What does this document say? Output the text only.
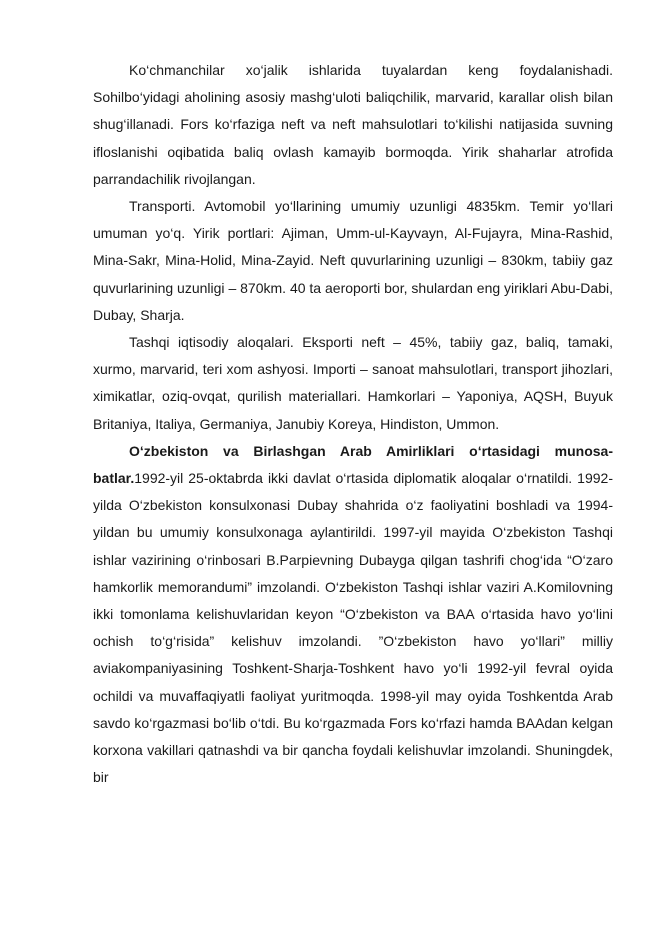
Ko‘chmanchilar xo‘jalik ishlarida tuyalardan keng foydalanishadi. Sohilbo‘yidagi aholining asosiy mashg‘uloti baliqchilik, marvarid, karallar olish bilan shug‘illanadi. Fors ko‘rfaziga neft va neft mahsulotlari to‘kilishi natijasida suvning ifloslanishi oqibatida baliq ovlash kamayib bormoqda. Yirik shaharlar atrofida parrandachilik rivojlangan.

Transporti. Avtomobil yo‘llarining umumiy uzunligi 4835km. Temir yo‘llari umuman yo‘q. Yirik portlari: Ajiman, Umm-ul-Kayvayn, Al-Fujayra, Mina-Rashid, Mina-Sakr, Mina-Holid, Mina-Zayid. Neft quvurlarining uzunligi – 830km, tabiiy gaz quvurlarining uzunligi – 870km. 40 ta aeroporti bor, shulardan eng yiriklari Abu-Dabi, Dubay, Sharja.

Tashqi iqtisodiy aloqalari. Eksporti neft – 45%, tabiiy gaz, baliq, tamaki, xurmo, marvarid, teri xom ashyosi. Importi – sanoat mahsulotlari, transport jihozlari, ximikatlar, oziq-ovqat, qurilish materiallari. Hamkorlari – Yaponiya, AQSH, Buyuk Britaniya, Italiya, Germaniya, Janubiy Koreya, Hindiston, Ummon.

O‘zbekiston va Birlashgan Arab Amirliklari o‘rtasidagi munosa-batlar.1992-yil 25-oktabrda ikki davlat o‘rtasida diplomatik aloqalar o‘rnatildi. 1992-yilda O‘zbekiston konsulxonasi Dubay shahrida o‘z faoliyatini boshladi va 1994-yildan bu umumiy konsulxonaga aylantirildi. 1997-yil mayida O‘zbekiston Tashqi ishlar vazirining o‘rinbosari B.Parpievning Dubayga qilgan tashrifi chog‘ida “O‘zaro hamkorlik memorandumi” imzolandi. O‘zbekiston Tashqi ishlar vaziri A.Komilovning ikki tomonlama kelishuvlaridan keyon “O‘zbekiston va BAA o‘rtasida havo yo‘lini ochish to‘g‘risida” kelishuv imzolandi. ”O‘zbekiston havo yo‘llari” milliy aviakompaniyasining Toshkent-Sharja-Toshkent havo yo‘li 1992-yil fevral oyida ochildi va muvaffaqiyatli faoliyat yuritmoqda. 1998-yil may oyida Toshkentda Arab savdo ko‘rgazmasi bo‘lib o‘tdi. Bu ko‘rgazmada Fors ko‘rfazi hamda BAAdan kelgan korxona vakillari qatnashdi va bir qancha foydali kelishuvlar imzolandi. Shuningdek, bir
